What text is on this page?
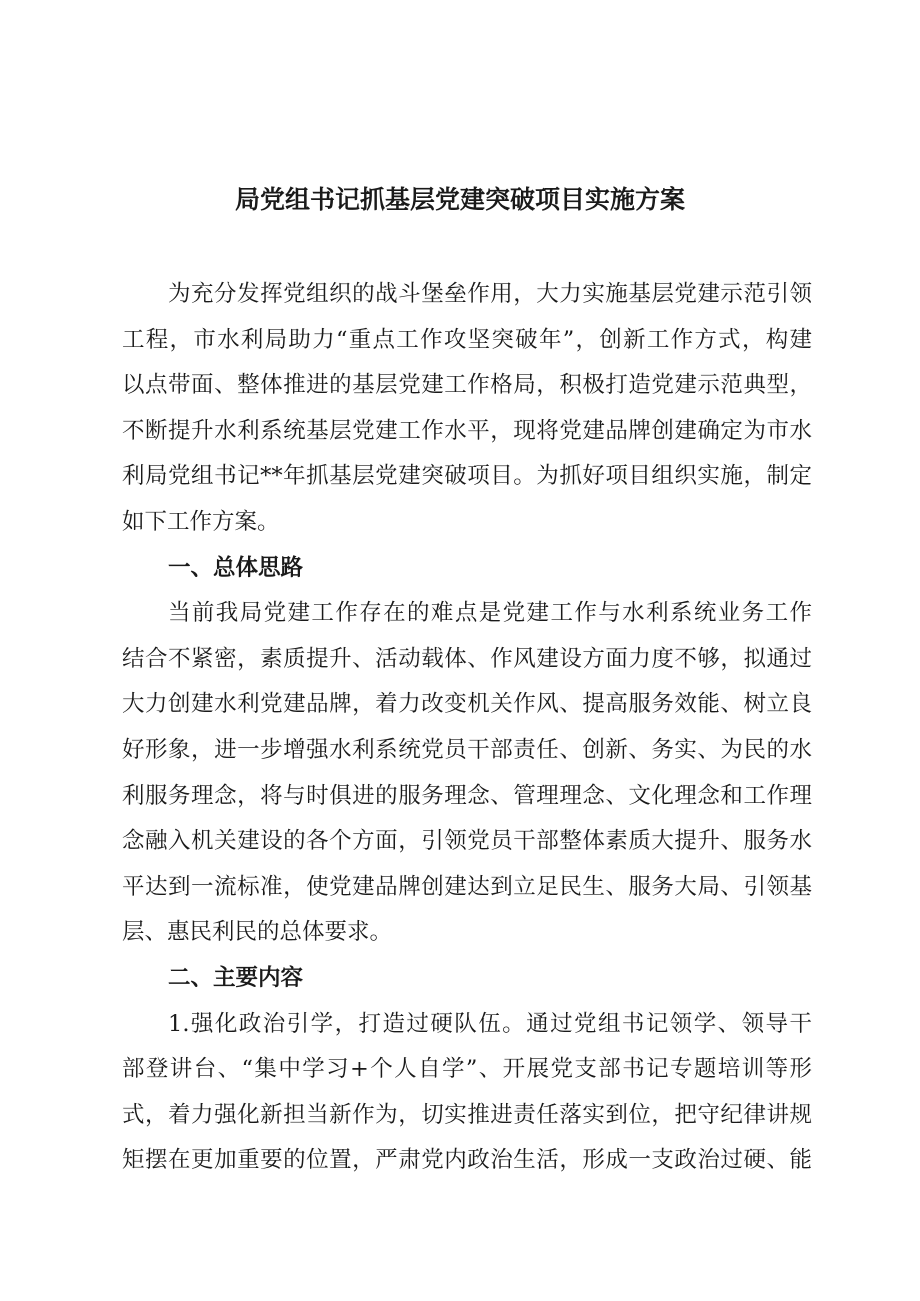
局党组书记抓基层党建突破项目实施方案
为充分发挥党组织的战斗堡垒作用，大力实施基层党建示范引领
工程，市水利局助力“重点工作攻坚突破年”，创新工作方式，构建
以点带面、整体推进的基层党建工作格局，积极打造党建示范典型，
不断提升水利系统基层党建工作水平，现将党建品牌创建确定为市水
利局党组书记**年抓基层党建突破项目。为抓好项目组织实施，制定
如下工作方案。
一、总体思路
当前我局党建工作存在的难点是党建工作与水利系统业务工作
结合不紧密，素质提升、活动载体、作风建设方面力度不够，拟通过
大力创建水利党建品牌，着力改变机关作风、提高服务效能、树立良
好形象，进一步增强水利系统党员干部责任、创新、务实、为民的水
利服务理念，将与时俱进的服务理念、管理理念、文化理念和工作理
念融入机关建设的各个方面，引领党员干部整体素质大提升、服务水
平达到一流标准，使党建品牌创建达到立足民生、服务大局、引领基
层、惠民利民的总体要求。
二、主要内容
1.强化政治引学，打造过硬队伍。通过党组书记领学、领导干
部登讲台、“集中学习+个人自学”、开展党支部书记专题培训等形
式，着力强化新担当新作为，切实推进责任落实到位，把守纪律讲规
矩摆在更加重要的位置，严肃党内政治生活，形成一支政治过硬、能
